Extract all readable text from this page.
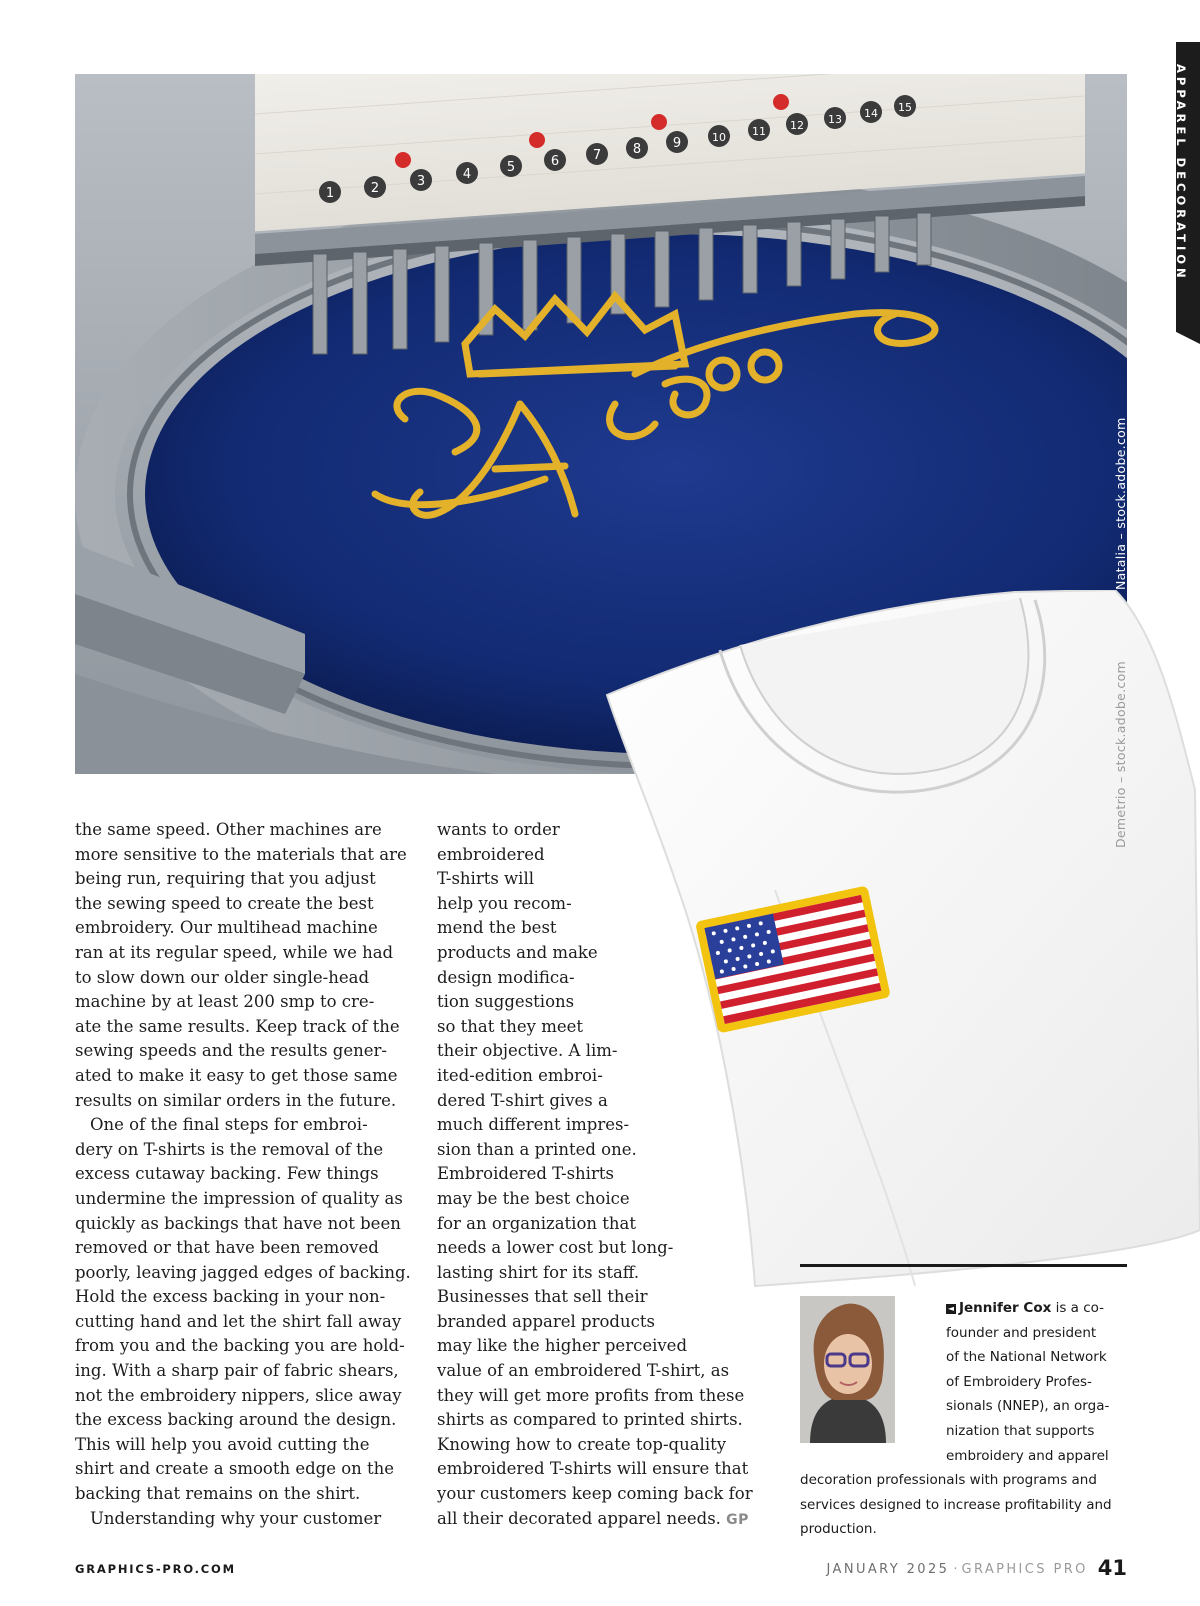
APPAREL DECORATION
1	2	3	4	5	6	7 8 9	10 11 12 13 14 15
Natalia – stock.adobe.com
Demetrio – stock.adobe.com

the same speed. Other machines are

more sensitive to the materials that are

being run, requiring that you adjust

the sewing speed to create the best

embroidery. Our multihead machine

ran at its regular speed, while we had

to slow down our older single-head

machine by at least 200 smp to cre-

ate the same results. Keep track of the

sewing speeds and the results gener-

ated to make it easy to get those same

results on similar orders in the future.

One of the final steps for embroi-

dery on T-shirts is the removal of the

excess cutaway backing. Few things

undermine the impression of quality as

quickly as backings that have not been

removed or that have been removed

poorly, leaving jagged edges of backing.

Hold the excess backing in your non-

cutting hand and let the shirt fall away

from you and the backing you are hold-

ing. With a sharp pair of fabric shears,

not the embroidery nippers, slice away

the excess backing around the design.

This will help you avoid cutting the

shirt and create a smooth edge on the

backing that remains on the shirt.

Understanding why your customer

wants to order

embroidered

T-shirts will

help you recom-

mend the best

products and make

design modifica-

tion suggestions

so that they meet

their objective. A lim-

ited-edition embroi-

dered T-shirt gives a

much different impres-

sion than a printed one.

Embroidered T-shirts

may be the best choice

for an organization that

needs a lower cost but long-

lasting shirt for its staff.

Businesses that sell their

branded apparel products

may like the higher perceived

value of an embroidered T-shirt, as

they will get more profits from these

shirts as compared to printed shirts.

Knowing how to create top-quality

embroidered T-shirts will ensure that

your customers keep coming back for

all their decorated apparel needs. GP

◄ Jennifer Cox is a co-

founder and president

of the National Network

of Embroidery Profes-

sionals (NNEP), an orga-

nization that supports

embroidery and apparel

decoration professionals with programs and

services designed to increase profitability and

production.

GRAPHICS-PRO.COM	JANUARY 2025 · GRAPHICS PRO 41
